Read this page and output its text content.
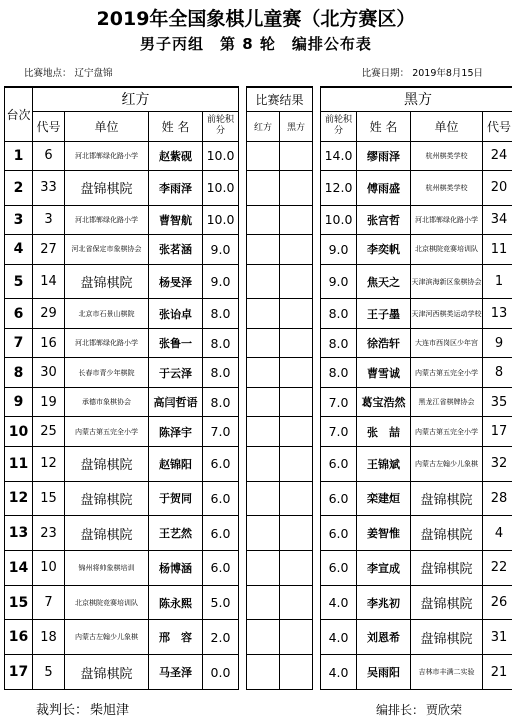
2019年全国象棋儿童赛（北方赛区）
男子丙组　第 8 轮　编排公布表
比赛地点： 辽宁盘锦	比赛日期： 2019年8月15日
台次	红方					比赛结果			黑方			
	代号	单位	姓 名	前轮积分		红方	黑方		前轮积分	姓 名	单位	代号
1	6	河北邯郸绿化路小学	赵紫砚	10.0					14.0	缪雨泽	杭州棋类学校	24
2	33	盘锦棋院	李雨泽	10.0					12.0	傅雨盛	杭州棋类学校	20
3	3	河北邯郸绿化路小学	曹智航	10.0					10.0	张宫哲	河北邯郸绿化路小学	34
4	27	河北省保定市象棋协会	张茗涵	9.0					9.0	李奕帆	北京棋院竞赛培训队	11
5	14	盘锦棋院	杨旻泽	9.0					9.0	焦天之	天津滨海新区象棋协会	1
6	29	北京市石景山棋院	张诒卓	8.0					8.0	王子墨	天津河西棋类运动学校	13
7	16	河北邯郸绿化路小学	张鲁一	8.0					8.0	徐浩轩	大连市西岗区少年宫	9
8	30	长春市青少年棋院	于云泽	8.0					8.0	曹雪诚	内蒙古第五完全小学	8
9	19	承德市象棋协会	高闫哲语	8.0					7.0	葛宝浩然	黑龙江省棋牌协会	35
10	25	内蒙古第五完全小学	陈泽宇	7.0					7.0	张　喆	内蒙古第五完全小学	17
11	12	盘锦棋院	赵锦阳	6.0					6.0	王锦斌	内蒙古左翰少儿象棋	32
12	15	盘锦棋院	于贺同	6.0					6.0	栾建烜	盘锦棋院	28
13	23	盘锦棋院	王艺然	6.0					6.0	姜智惟	盘锦棋院	4
14	10	锦州将帅象棋培训	杨博涵	6.0					6.0	李宣成	盘锦棋院	22
15	7	北京棋院竞赛培训队	陈永熙	5.0					4.0	李兆初	盘锦棋院	26
16	18	内蒙古左翰少儿象棋	邢　容	2.0					4.0	刘恩希	盘锦棋院	31
17	5	盘锦棋院	马圣泽	0.0					4.0	吴雨阳	吉林市丰满二实验	21
裁判长： 柴旭津	编排长： 贾欣荣
